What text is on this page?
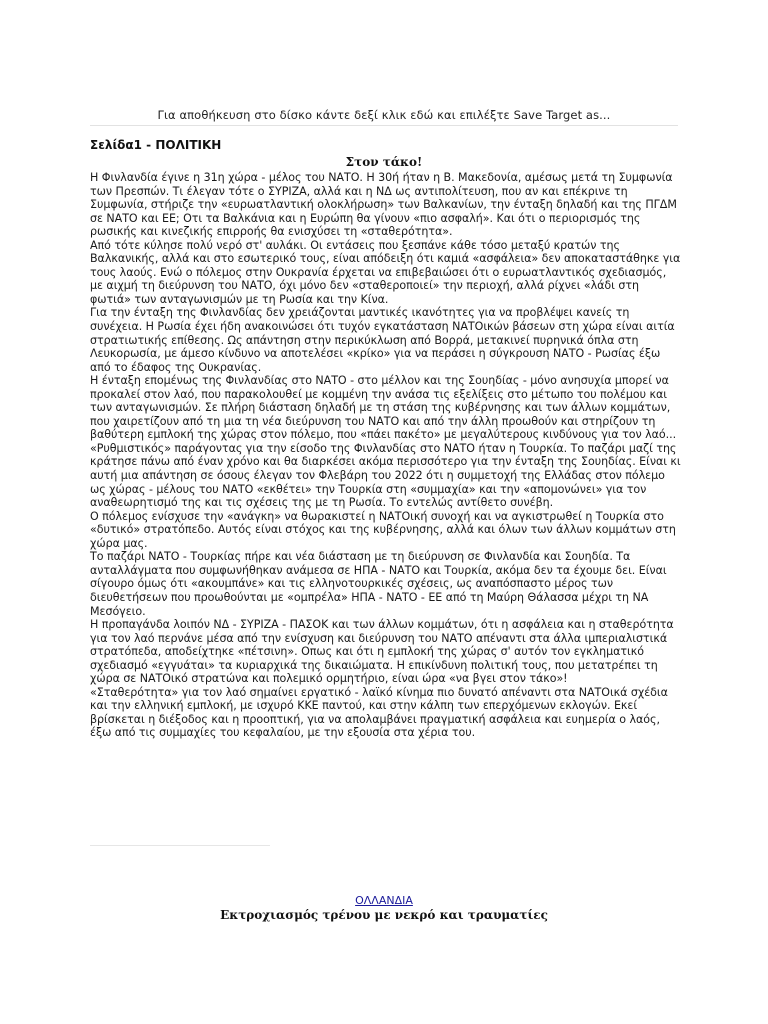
Για αποθήκευση στο δίσκο κάντε δεξί κλικ εδώ και επιλέξτε Save Target as...
Σελίδα1 - ΠΟΛΙΤΙΚΗ
Στον τάκο!

Η Φινλανδία έγινε η 31η χώρα - μέλος του ΝΑΤΟ. Η 30ή ήταν η Β. Μακεδονία, αμέσως μετά τη Συμφωνία των Πρεσπών. Τι έλεγαν τότε ο ΣΥΡΙΖΑ, αλλά και η ΝΔ ως αντιπολίτευση, που αν και επέκρινε τη Συμφωνία, στήριζε την «ευρωατλαντική ολοκλήρωση» των Βαλκανίων, την ένταξη δηλαδή και της ΠΓΔΜ σε ΝΑΤΟ και ΕΕ; Οτι τα Βαλκάνια και η Ευρώπη θα γίνουν «πιο ασφαλή». Και ότι ο περιορισμός της ρωσικής και κινεζικής επιρροής θα ενισχύσει τη «σταθερότητα».

Από τότε κύλησε πολύ νερό στ' αυλάκι. Οι εντάσεις που ξεσπάνε κάθε τόσο μεταξύ κρατών της Βαλκανικής, αλλά και στο εσωτερικό τους, είναι απόδειξη ότι καμιά «ασφάλεια» δεν αποκαταστάθηκε για τους λαούς. Ενώ ο πόλεμος στην Ουκρανία έρχεται να επιβεβαιώσει ότι ο ευρωατλαντικός σχεδιασμός, με αιχμή τη διεύρυνση του ΝΑΤΟ, όχι μόνο δεν «σταθεροποιεί» την περιοχή, αλλά ρίχνει «λάδι στη φωτιά» των ανταγωνισμών με τη Ρωσία και την Κίνα.

Για την ένταξη της Φινλανδίας δεν χρειάζονται μαντικές ικανότητες για να προβλέψει κανείς τη συνέχεια. Η Ρωσία έχει ήδη ανακοινώσει ότι τυχόν εγκατάσταση ΝΑΤΟικών βάσεων στη χώρα είναι αιτία στρατιωτικής επίθεσης. Ως απάντηση στην περικύκλωση από Βορρά, μετακινεί πυρηνικά όπλα στη Λευκορωσία, με άμεσο κίνδυνο να αποτελέσει «κρίκο» για να περάσει η σύγκρουση ΝΑΤΟ - Ρωσίας έξω από το έδαφος της Ουκρανίας.

Η ένταξη επομένως της Φινλανδίας στο ΝΑΤΟ - στο μέλλον και της Σουηδίας - μόνο ανησυχία μπορεί να προκαλεί στον λαό, που παρακολουθεί με κομμένη την ανάσα τις εξελίξεις στο μέτωπο του πολέμου και των ανταγωνισμών. Σε πλήρη διάσταση δηλαδή με τη στάση της κυβέρνησης και των άλλων κομμάτων, που χαιρετίζουν από τη μια τη νέα διεύρυνση του ΝΑΤΟ και από την άλλη προωθούν και στηρίζουν τη βαθύτερη εμπλοκή της χώρας στον πόλεμο, που «πάει πακέτο» με μεγαλύτερους κινδύνους για τον λαό...

«Ρυθμιστικός» παράγοντας για την είσοδο της Φινλανδίας στο ΝΑΤΟ ήταν η Τουρκία. Το παζάρι μαζί της κράτησε πάνω από έναν χρόνο και θα διαρκέσει ακόμα περισσότερο για την ένταξη της Σουηδίας. Είναι κι αυτή μια απάντηση σε όσους έλεγαν τον Φλεβάρη του 2022 ότι η συμμετοχή της Ελλάδας στον πόλεμο ως χώρας - μέλους του ΝΑΤΟ «εκθέτει» την Τουρκία στη «συμμαχία» και την «απομονώνει» για τον αναθεωρητισμό της και τις σχέσεις της με τη Ρωσία. Το εντελώς αντίθετο συνέβη.

Ο πόλεμος ενίσχυσε την «ανάγκη» να θωρακιστεί η ΝΑΤΟική συνοχή και να αγκιστρωθεί η Τουρκία στο «δυτικό» στρατόπεδο. Αυτός είναι στόχος και της κυβέρνησης, αλλά και όλων των άλλων κομμάτων στη χώρα μας.

Το παζάρι ΝΑΤΟ - Τουρκίας πήρε και νέα διάσταση με τη διεύρυνση σε Φινλανδία και Σουηδία. Τα ανταλλάγματα που συμφωνήθηκαν ανάμεσα σε ΗΠΑ - ΝΑΤΟ και Τουρκία, ακόμα δεν τα έχουμε δει. Είναι σίγουρο όμως ότι «ακουμπάνε» και τις ελληνοτουρκικές σχέσεις, ως αναπόσπαστο μέρος των διευθετήσεων που προωθούνται με «ομπρέλα» ΗΠΑ - ΝΑΤΟ - ΕΕ από τη Μαύρη Θάλασσα μέχρι τη ΝΑ Μεσόγειο.

Η προπαγάνδα λοιπόν ΝΔ - ΣΥΡΙΖΑ - ΠΑΣΟΚ και των άλλων κομμάτων, ότι η ασφάλεια και η σταθερότητα για τον λαό περνάνε μέσα από την ενίσχυση και διεύρυνση του ΝΑΤΟ απέναντι στα άλλα ιμπεριαλιστικά στρατόπεδα, αποδείχτηκε «πέτσινη». Οπως και ότι η εμπλοκή της χώρας σ' αυτόν τον εγκληματικό σχεδιασμό «εγγυάται» τα κυριαρχικά της δικαιώματα. Η επικίνδυνη πολιτική τους, που μετατρέπει τη χώρα σε ΝΑΤΟικό στρατώνα και πολεμικό ορμητήριο, είναι ώρα «να βγει στον τάκο»!

«Σταθερότητα» για τον λαό σημαίνει εργατικό - λαϊκό κίνημα πιο δυνατό απέναντι στα ΝΑΤΟικά σχέδια και την ελληνική εμπλοκή, με ισχυρό ΚΚΕ παντού, και στην κάλπη των επερχόμενων εκλογών. Εκεί βρίσκεται η διέξοδος και η προοπτική, για να απολαμβάνει πραγματική ασφάλεια και ευημερία ο λαός, έξω από τις συμμαχίες του κεφαλαίου, με την εξουσία στα χέρια του.

ΟΛΛΑΝΔΙΑ
Εκτροχιασμός τρένου με νεκρό και τραυματίες
